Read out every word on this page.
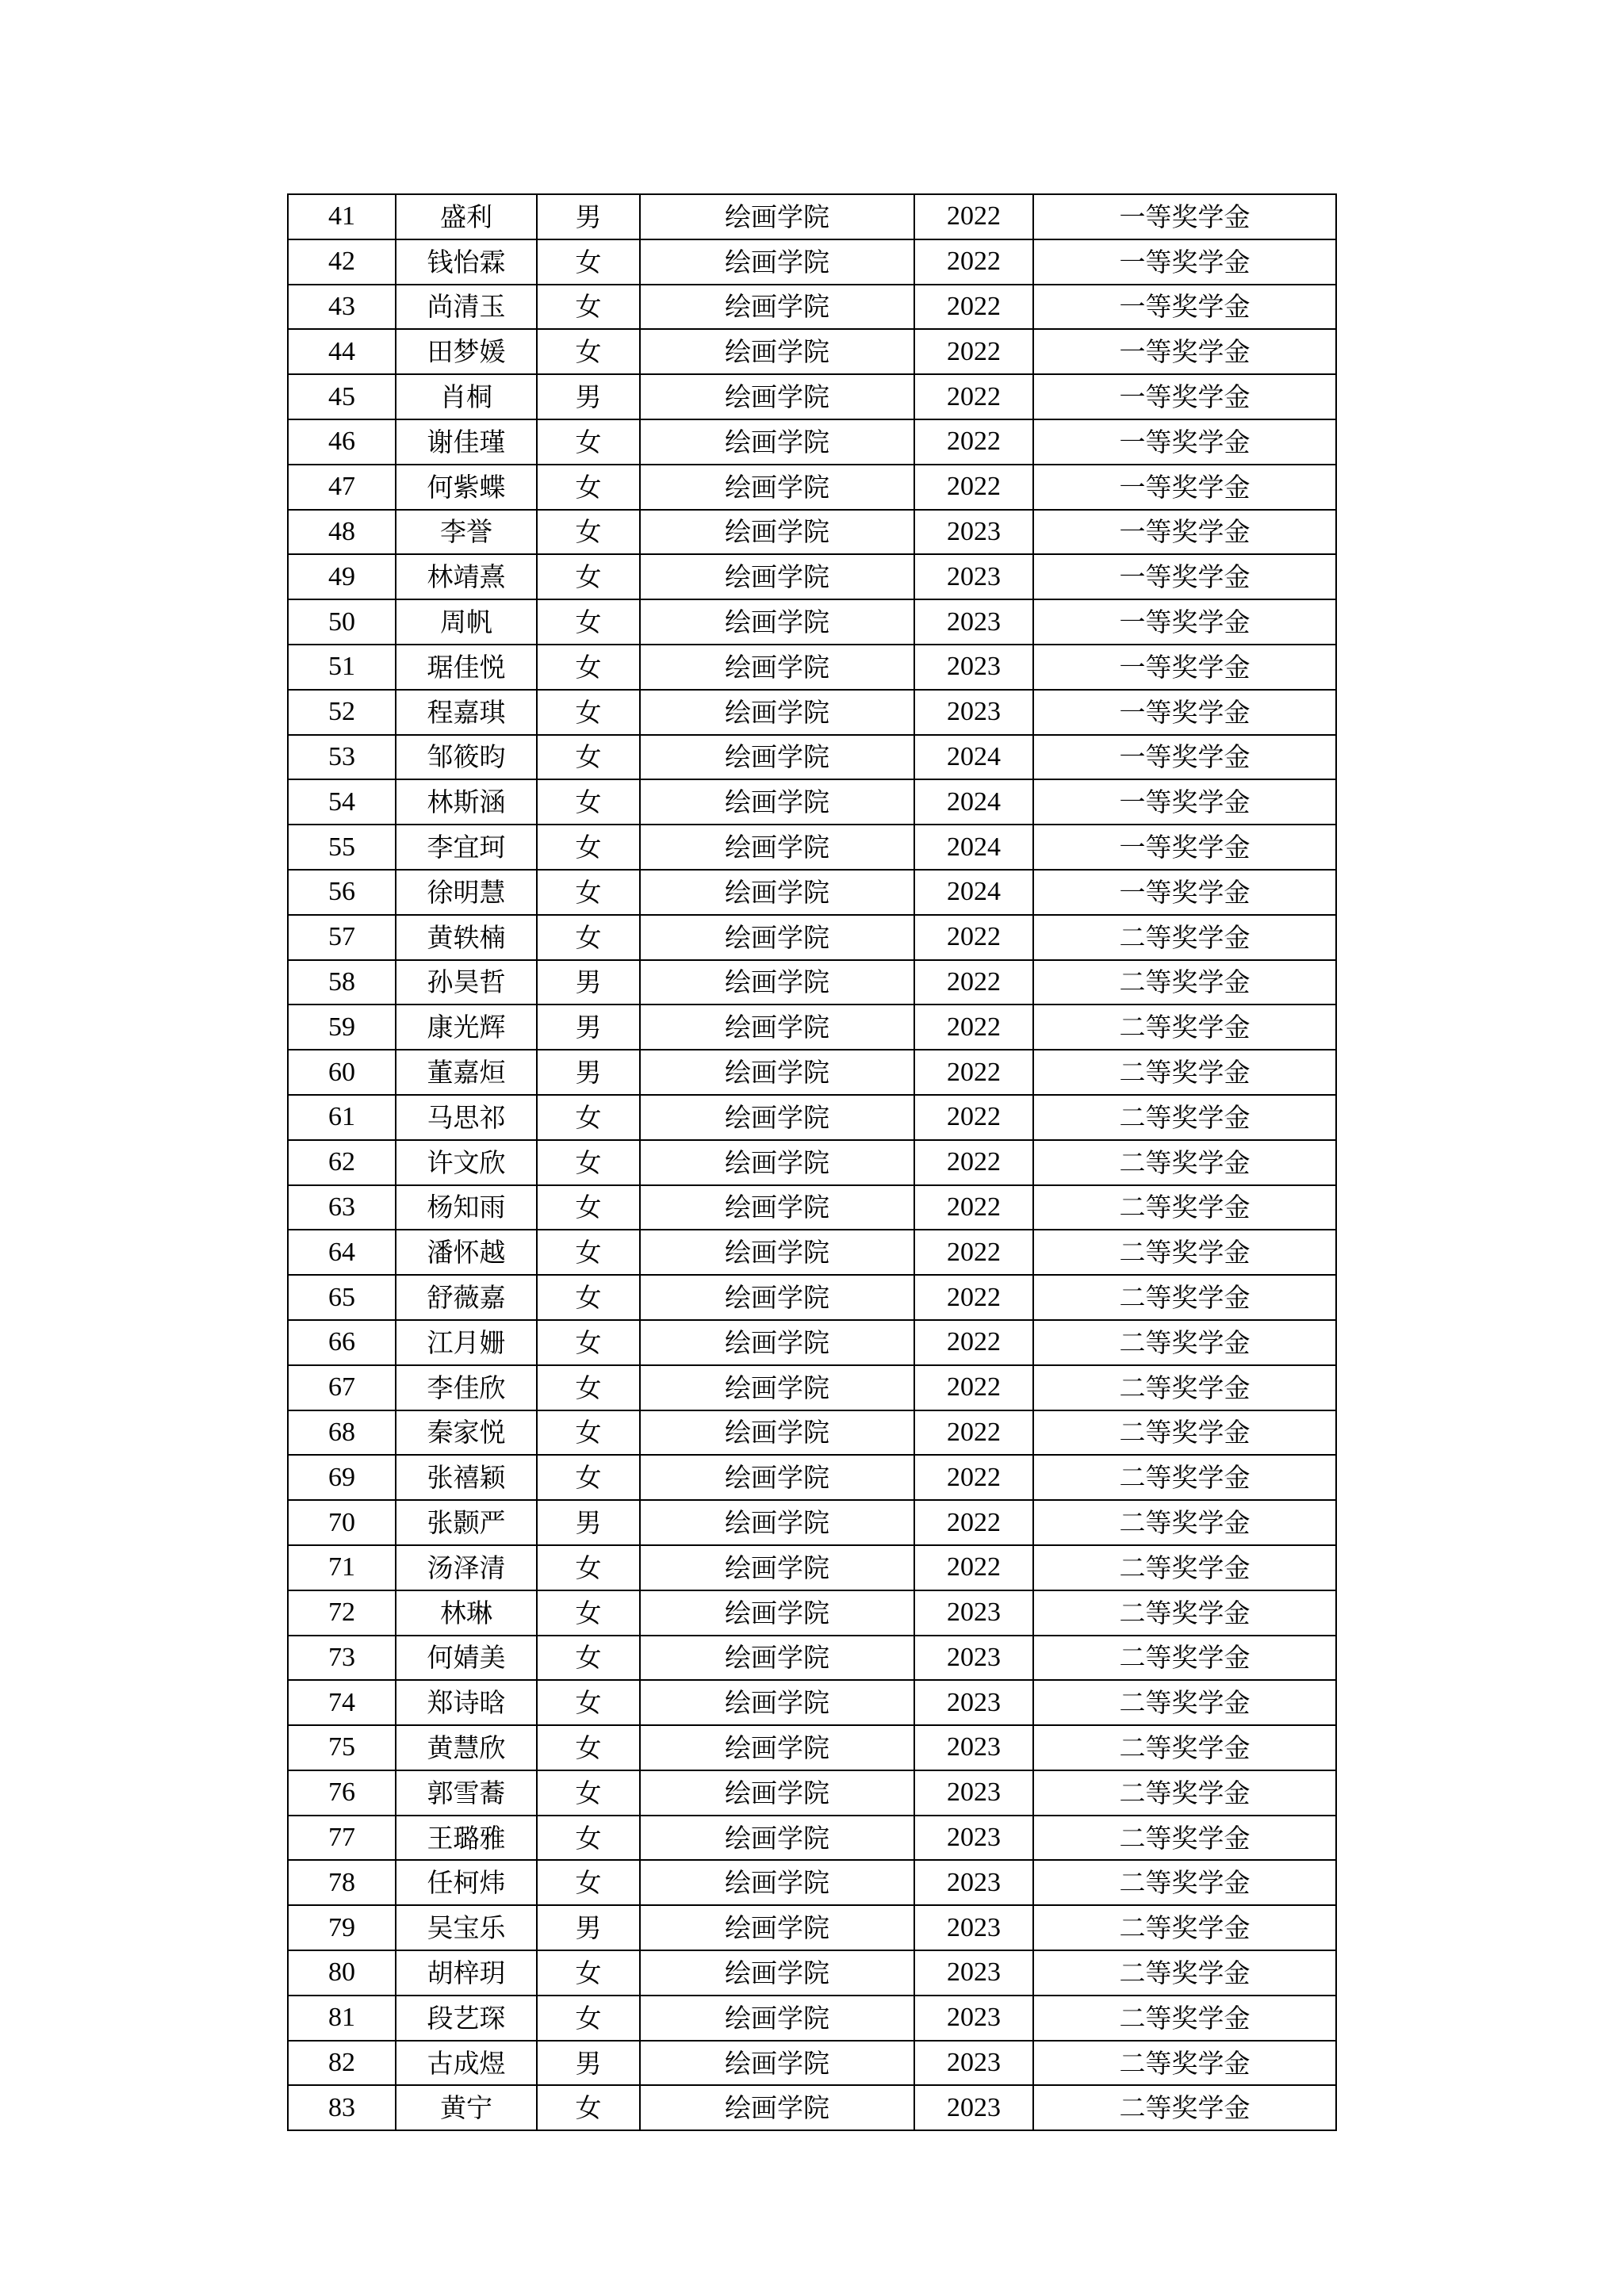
41	盛利	男	绘画学院	2022	一等奖学金
42	钱怡霖	女	绘画学院	2022	一等奖学金
43	尚清玉	女	绘画学院	2022	一等奖学金
44	田梦媛	女	绘画学院	2022	一等奖学金
45	肖桐	男	绘画学院	2022	一等奖学金
46	谢佳瑾	女	绘画学院	2022	一等奖学金
47	何紫蝶	女	绘画学院	2022	一等奖学金
48	李誉	女	绘画学院	2023	一等奖学金
49	林靖熹	女	绘画学院	2023	一等奖学金
50	周帆	女	绘画学院	2023	一等奖学金
51	琚佳悦	女	绘画学院	2023	一等奖学金
52	程嘉琪	女	绘画学院	2023	一等奖学金
53	邹筱昀	女	绘画学院	2024	一等奖学金
54	林斯涵	女	绘画学院	2024	一等奖学金
55	李宜珂	女	绘画学院	2024	一等奖学金
56	徐明慧	女	绘画学院	2024	一等奖学金
57	黄轶楠	女	绘画学院	2022	二等奖学金
58	孙昊哲	男	绘画学院	2022	二等奖学金
59	康光辉	男	绘画学院	2022	二等奖学金
60	董嘉烜	男	绘画学院	2022	二等奖学金
61	马思祁	女	绘画学院	2022	二等奖学金
62	许文欣	女	绘画学院	2022	二等奖学金
63	杨知雨	女	绘画学院	2022	二等奖学金
64	潘怀越	女	绘画学院	2022	二等奖学金
65	舒薇嘉	女	绘画学院	2022	二等奖学金
66	江月姗	女	绘画学院	2022	二等奖学金
67	李佳欣	女	绘画学院	2022	二等奖学金
68	秦家悦	女	绘画学院	2022	二等奖学金
69	张禧颖	女	绘画学院	2022	二等奖学金
70	张颢严	男	绘画学院	2022	二等奖学金
71	汤泽清	女	绘画学院	2022	二等奖学金
72	林琳	女	绘画学院	2023	二等奖学金
73	何婧美	女	绘画学院	2023	二等奖学金
74	郑诗晗	女	绘画学院	2023	二等奖学金
75	黄慧欣	女	绘画学院	2023	二等奖学金
76	郭雪蕎	女	绘画学院	2023	二等奖学金
77	王璐雅	女	绘画学院	2023	二等奖学金
78	任柯炜	女	绘画学院	2023	二等奖学金
79	吴宝乐	男	绘画学院	2023	二等奖学金
80	胡梓玥	女	绘画学院	2023	二等奖学金
81	段艺琛	女	绘画学院	2023	二等奖学金
82	古成煜	男	绘画学院	2023	二等奖学金
83	黄宁	女	绘画学院	2023	二等奖学金
